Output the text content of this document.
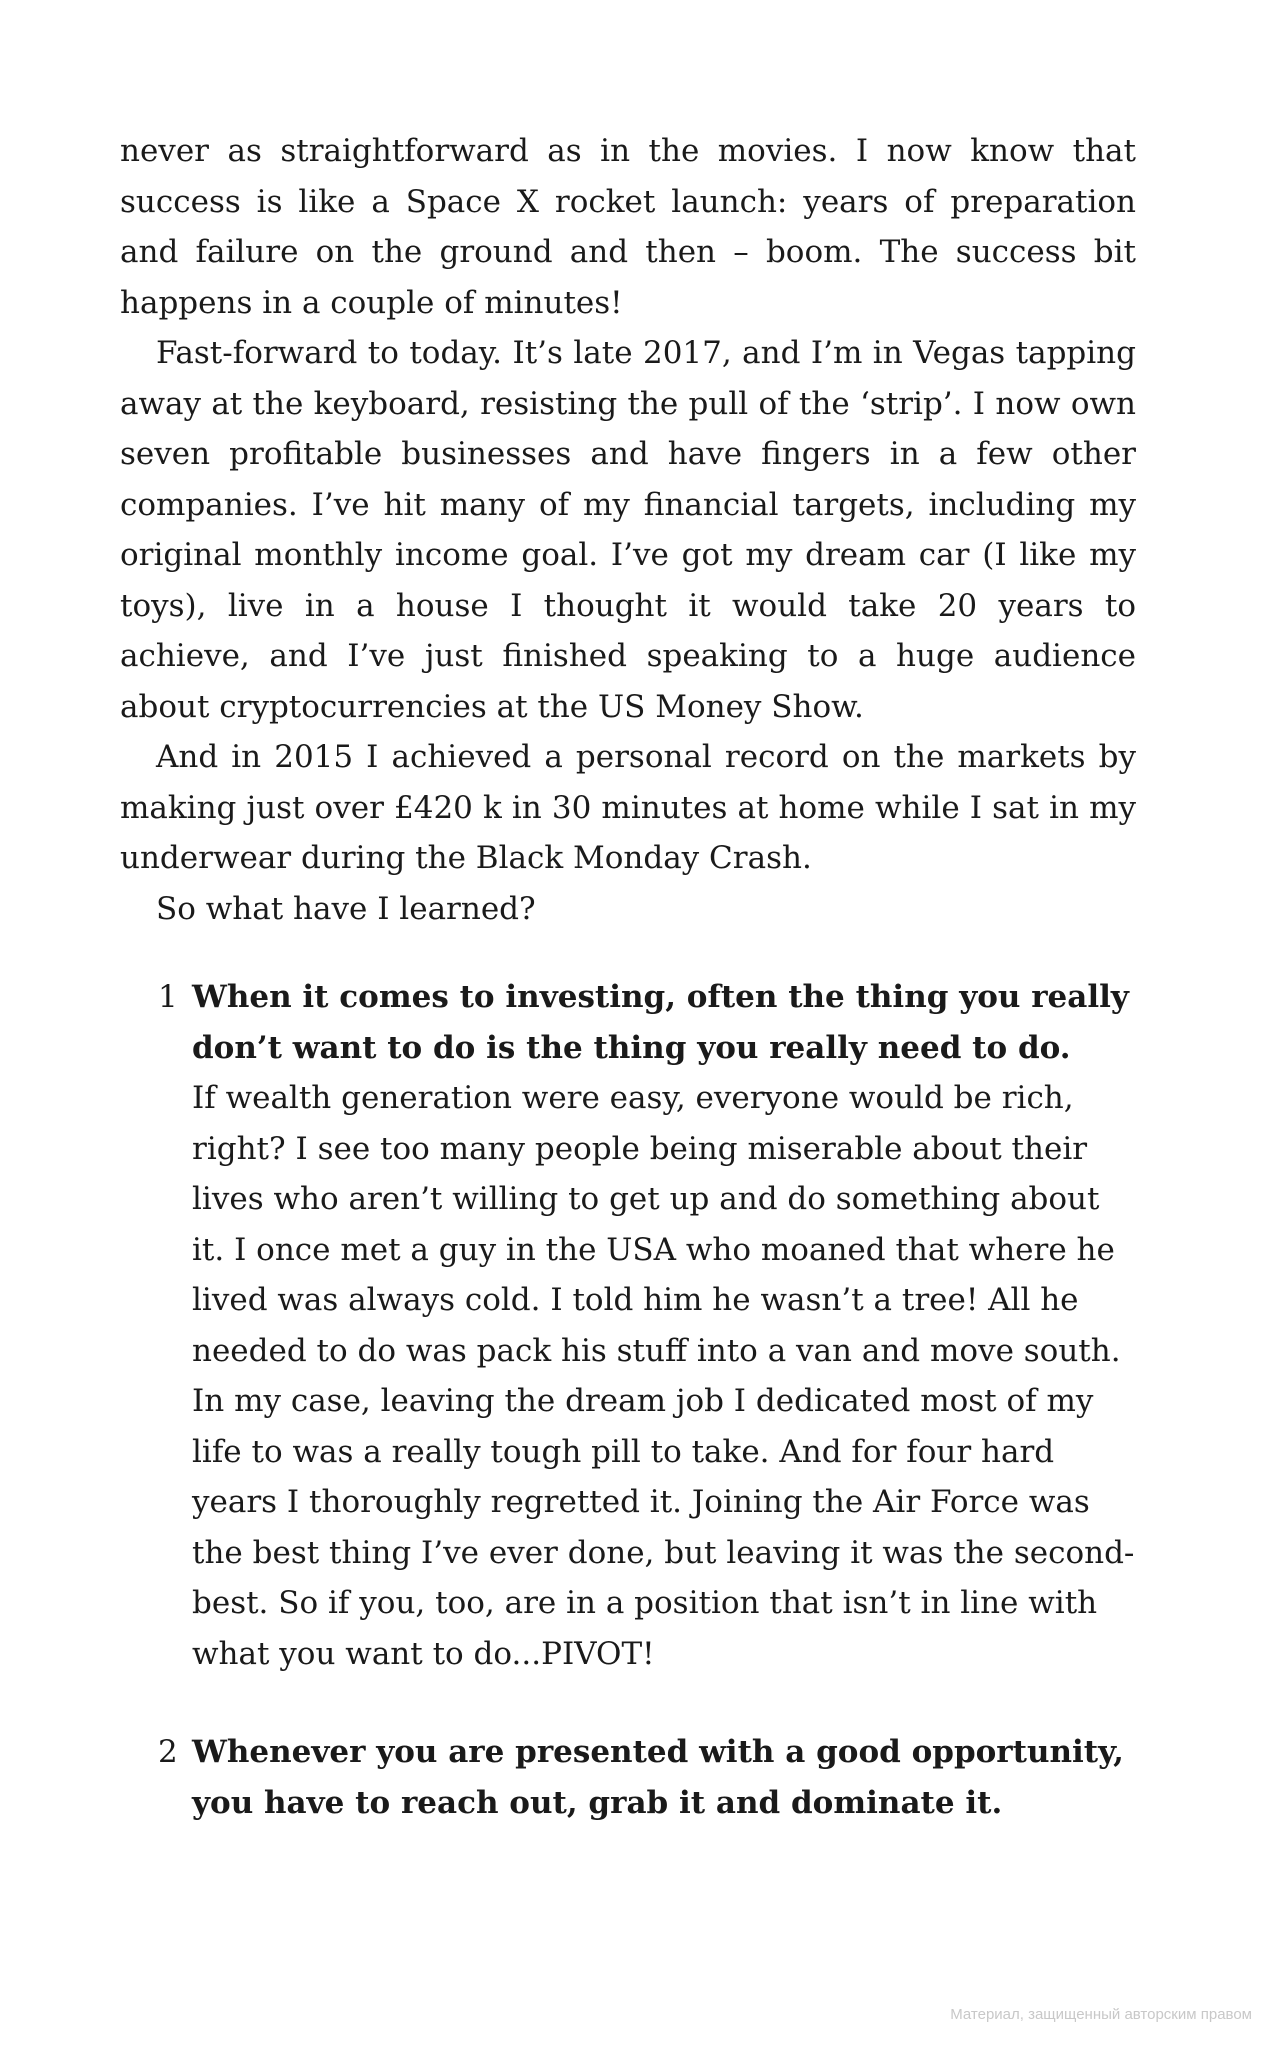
never as straightforward as in the movies. I now know that success is like a Space X rocket launch: years of preparation and failure on the ground and then – boom. The success bit happens in a couple of minutes!

Fast-forward to today. It’s late 2017, and I’m in Vegas tapping away at the keyboard, resisting the pull of the ‘strip’. I now own seven profitable businesses and have fingers in a few other companies. I’ve hit many of my financial targets, including my original monthly income goal. I’ve got my dream car (I like my toys), live in a house I thought it would take 20 years to achieve, and I’ve just finished speaking to a huge audience about cryptocurrencies at the US Money Show.

And in 2015 I achieved a personal record on the markets by making just over £420 k in 30 minutes at home while I sat in my underwear during the Black Monday Crash.

So what have I learned?

1 When it comes to investing, often the thing you really don’t want to do is the thing you really need to do.

If wealth generation were easy, everyone would be rich, right? I see too many people being miserable about their lives who aren’t willing to get up and do something about it. I once met a guy in the USA who moaned that where he lived was always cold. I told him he wasn’t a tree! All he needed to do was pack his stuff into a van and move south. In my case, leaving the dream job I dedicated most of my life to was a really tough pill to take. And for four hard years I thoroughly regretted it. Joining the Air Force was the best thing I’ve ever done, but leaving it was the second-best. So if you, too, are in a position that isn’t in line with what you want to do...PIVOT!

2 Whenever you are presented with a good opportunity, you have to reach out, grab it and dominate it.

Материал, защищенный авторским правом
